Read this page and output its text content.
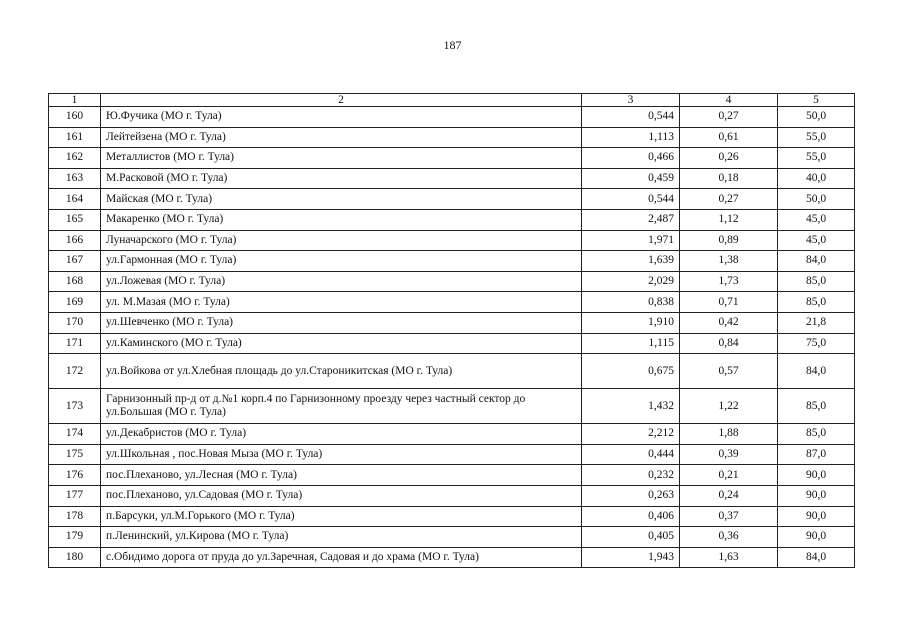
187
1	2	3	4	5
160	Ю.Фучика (МО г. Тула)	0,544	0,27	50,0
161	Лейтейзена (МО г. Тула)	1,113	0,61	55,0
162	Металлистов (МО г. Тула)	0,466	0,26	55,0
163	М.Расковой (МО г. Тула)	0,459	0,18	40,0
164	Майская (МО г. Тула)	0,544	0,27	50,0
165	Макаренко (МО г. Тула)	2,487	1,12	45,0
166	Луначарского (МО г. Тула)	1,971	0,89	45,0
167	ул.Гармонная (МО г. Тула)	1,639	1,38	84,0
168	ул.Ложевая (МО г. Тула)	2,029	1,73	85,0
169	ул. М.Мазая (МО г. Тула)	0,838	0,71	85,0
170	ул.Шевченко (МО г. Тула)	1,910	0,42	21,8
171	ул.Каминского (МО г. Тула)	1,115	0,84	75,0
172	ул.Войкова от ул.Хлебная площадь до ул.Староникитская (МО г. Тула)	0,675	0,57	84,0
173	Гарнизонный пр-д от д.№1 корп.4 по Гарнизонному проезду через частный сектор до ул.Большая (МО г. Тула)	1,432	1,22	85,0
174	ул.Декабристов (МО г. Тула)	2,212	1,88	85,0
175	ул.Школьная , пос.Новая Мыза (МО г. Тула)	0,444	0,39	87,0
176	пос.Плеханово, ул.Лесная (МО г. Тула)	0,232	0,21	90,0
177	пос.Плеханово, ул.Садовая (МО г. Тула)	0,263	0,24	90,0
178	п.Барсуки, ул.М.Горького (МО г. Тула)	0,406	0,37	90,0
179	п.Ленинский, ул.Кирова (МО г. Тула)	0,405	0,36	90,0
180	с.Обидимо дорога от пруда до ул.Заречная, Садовая и до храма (МО г. Тула)	1,943	1,63	84,0
